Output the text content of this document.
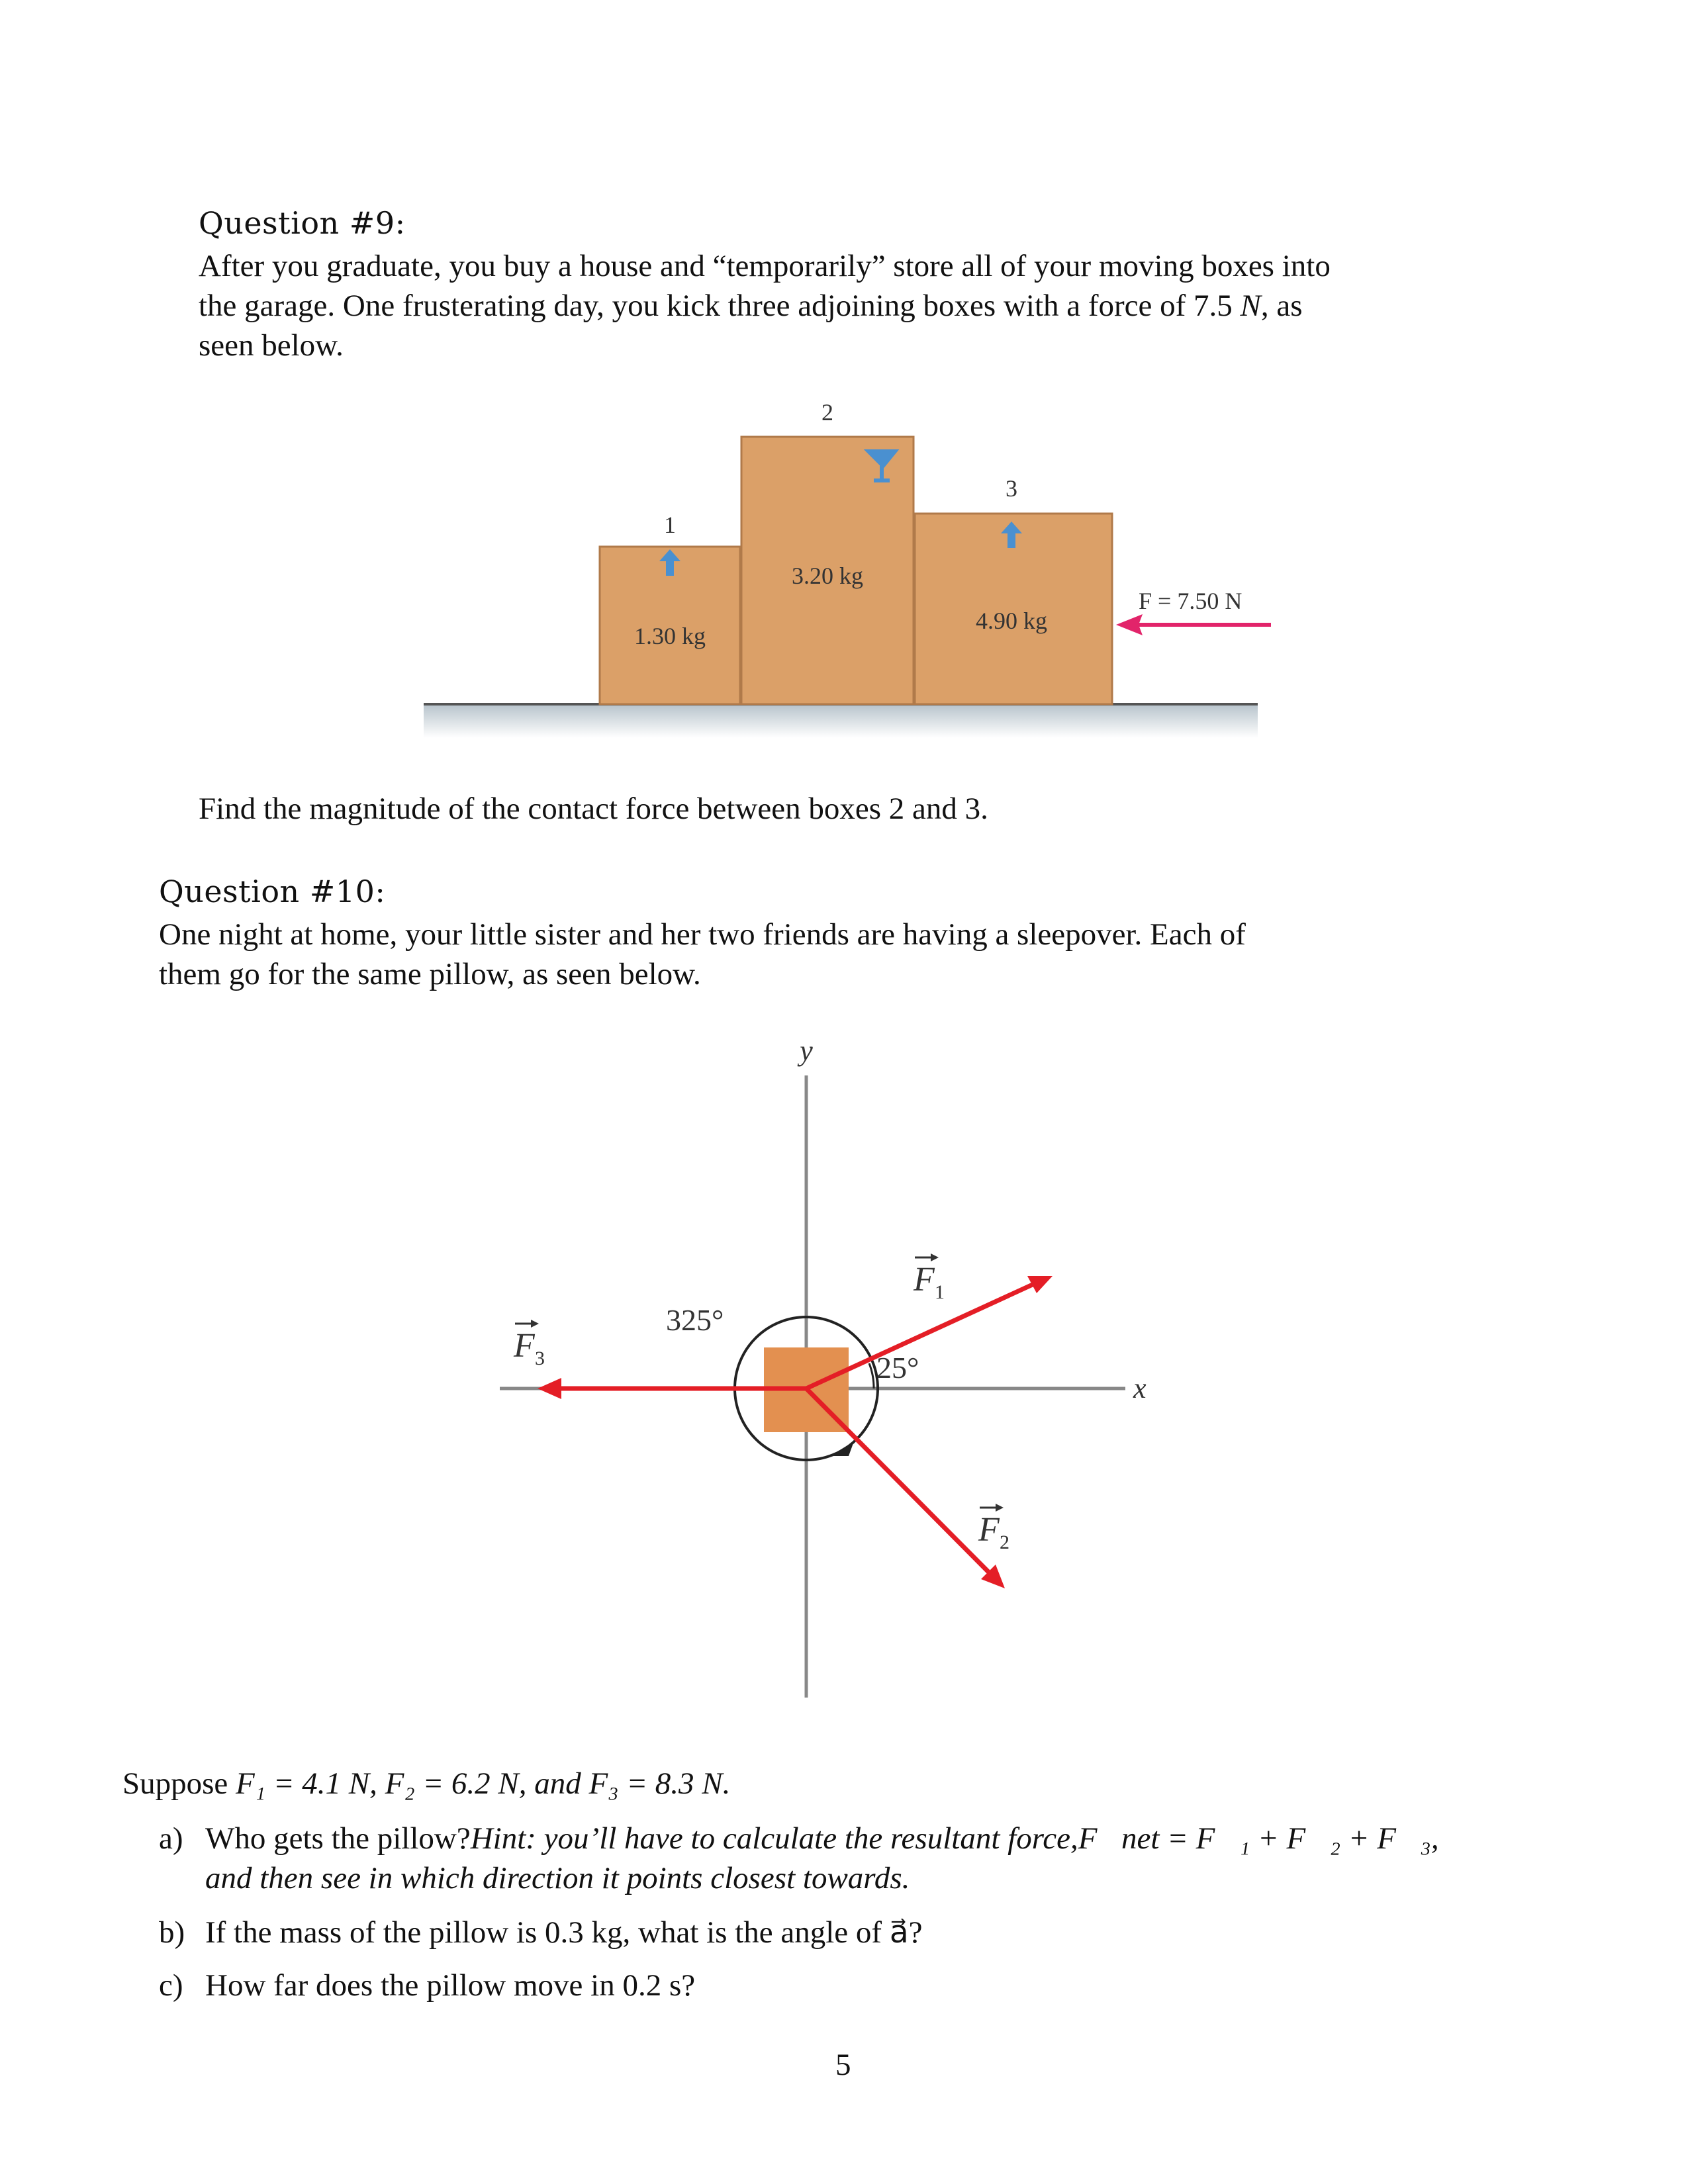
Question #9:
After you graduate, you buy a house and “temporarily” store all of your moving boxes into
the garage. One frusterating day, you kick three adjoining boxes with a force of 7.5 N, as
seen below.
1
2
3
1.30 kg
3.20 kg
4.90 kg
F = 7.50 N
Find the magnitude of the contact force between boxes 2 and 3.
Question #10:
One night at home, your little sister and her two friends are having a sleepover. Each of
them go for the same pillow, as seen below.
y
x
F 1
F 2
F 3	25°
325°
Suppose F₁ = 4.1 N, F₂ = 6.2 N, and F₃ = 8.3 N.
a) Who gets the pillow? Hint: you’ll have to calculate the resultant force, F⃗net = F⃗₁ + F⃗₂ + F⃗₃,
and then see in which direction it points closest towards.
b) If the mass of the pillow is 0.3 kg, what is the angle of a⃗?
c) How far does the pillow move in 0.2 s?
5
